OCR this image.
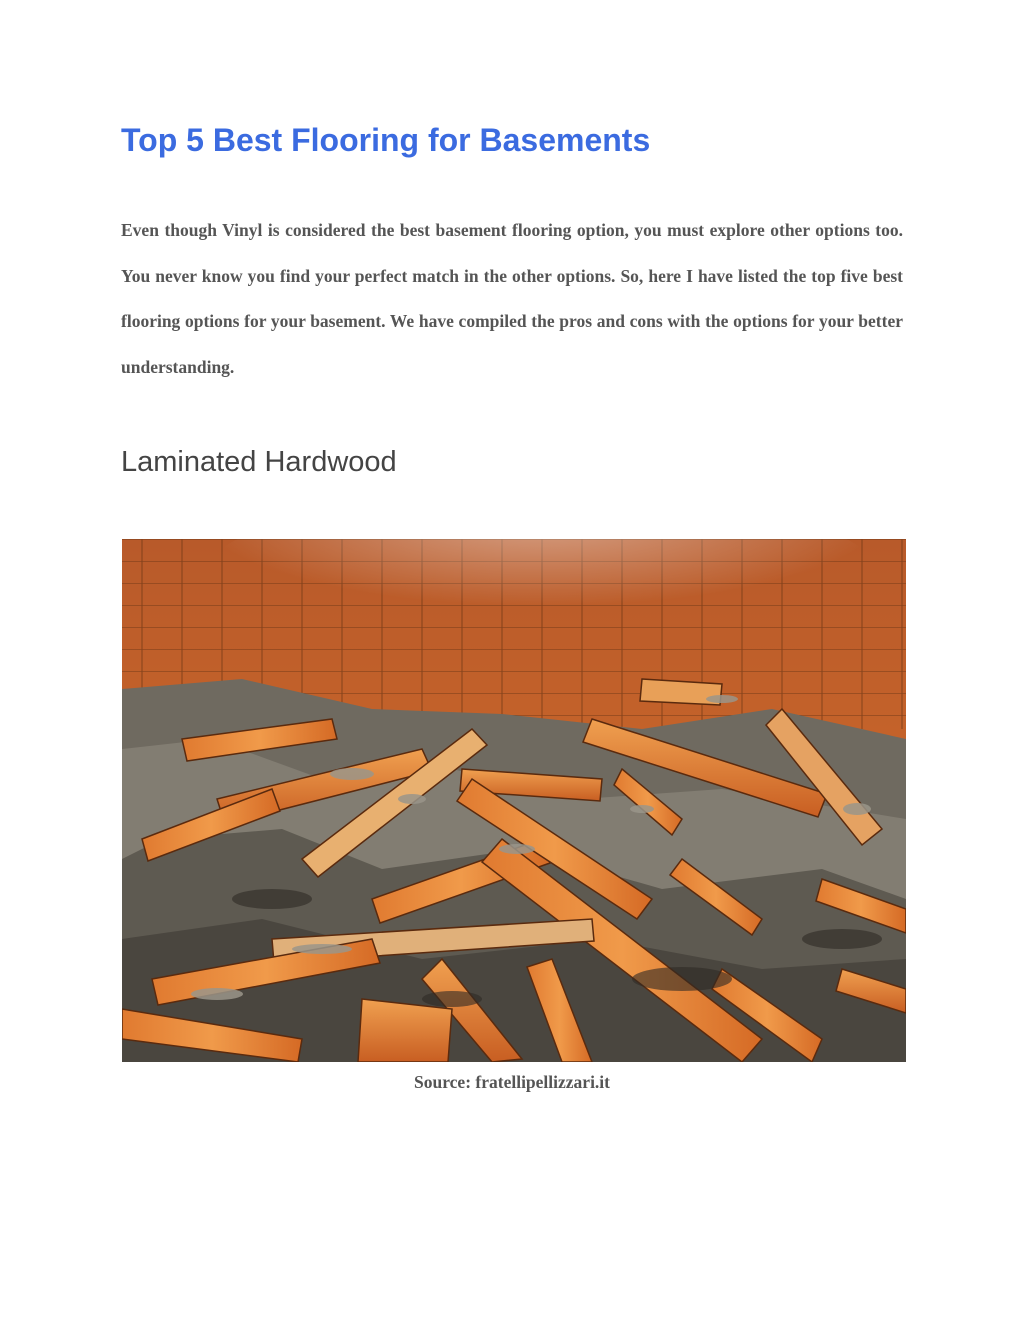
Top 5 Best Flooring for Basements

Even though Vinyl is considered the best basement flooring option, you must explore other options too. You never know you find your perfect match in the other options. So, here I have listed the top five best flooring options for your basement. We have compiled the pros and cons with the options for your better understanding.

Laminated Hardwood

Source: fratellipellizzari.it
